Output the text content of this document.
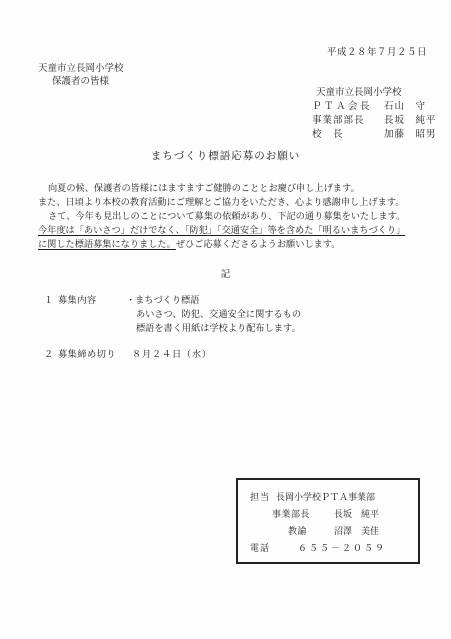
平成２８年７月２５日
天童市立長岡小学校
保護者の皆様
天童市立長岡小学校
ＰＴＡ会長	石山　守
事業部部長	長坂　純平
校　長	加藤　昭男
まちづくり標語応募のお願い
向夏の候、保護者の皆様にはますますご健勝のこととお慶び申し上げます。
また、日頃より本校の教育活動にご理解とご協力をいただき、心より感謝申し上げます。
さて、今年も見出しのことについて募集の依頼があり、下記の通り募集をいたします。
今年度は「あいさつ」だけでなく、「防犯」「交通安全」等を含めた「明るいまちづくり」
に関した標語募集になりました。ぜひご応募くださるようお願いします。
記
１ 募集内容	・まちづくり標語
あいさつ、防犯、交通安全に関するもの
標語を書く用紙は学校より配布します。
２ 募集締め切り ８月２４日（水）
担当 長岡小学校ＰＴＡ事業部
事業部長	長坂　純平
教諭	沼澤　美佳
電話	６５５－２０５９
